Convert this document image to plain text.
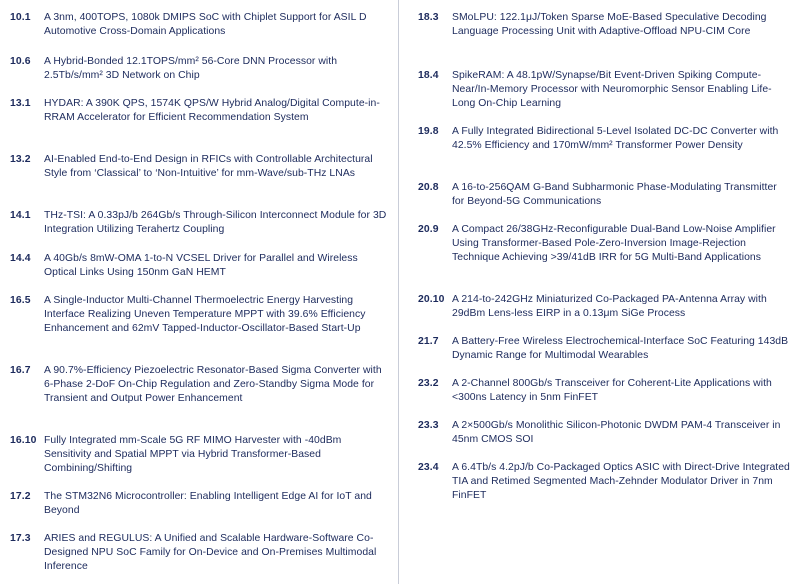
10.1	A 3nm, 400TOPS, 1080k DMIPS SoC with Chiplet Support for ASIL D Automotive Cross-Domain Applications
10.6	A Hybrid-Bonded 12.1TOPS/mm² 56-Core DNN Processor with 2.5Tb/s/mm² 3D Network on Chip
13.1	HYDAR: A 390K QPS, 1574K QPS/W Hybrid Analog/Digital Compute-in-RRAM Accelerator for Efficient Recommendation System
13.2	AI-Enabled End-to-End Design in RFICs with Controllable Architectural Style from ‘Classical’ to ‘Non-Intuitive’ for mm-Wave/sub-THz LNAs
14.1	THz-TSI: A 0.33pJ/b 264Gb/s Through-Silicon Interconnect Module for 3D Integration Utilizing Terahertz Coupling
14.4	A 40Gb/s 8mW-OMA 1-to-N VCSEL Driver for Parallel and Wireless Optical Links Using 150nm GaN HEMT
16.5	A Single-Inductor Multi-Channel Thermoelectric Energy Harvesting Interface Realizing Uneven Temperature MPPT with 39.6% Efficiency Enhancement and 62mV Tapped-Inductor-Oscillator-Based Start-Up
16.7	A 90.7%-Efficiency Piezoelectric Resonator-Based Sigma Converter with 6-Phase 2-DoF On-Chip Regulation and Zero-Standby Sigma Mode for Transient and Output Power Enhancement
16.10 Fully Integrated mm-Scale 5G RF MIMO Harvester with -40dBm Sensitivity and Spatial MPPT via Hybrid Transformer-Based Combining/Shifting
17.2	The STM32N6 Microcontroller: Enabling Intelligent Edge AI for IoT and Beyond
17.3	ARIES and REGULUS: A Unified and Scalable Hardware-Software Co-Designed NPU SoC Family for On-Device and On-Premises Multimodal Inference
18.3	SMoLPU: 122.1μJ/Token Sparse MoE-Based Speculative Decoding Language Processing Unit with Adaptive-Offload NPU-CIM Core
18.4	SpikeRAM: A 48.1pW/Synapse/Bit Event-Driven Spiking Compute-Near/In-Memory Processor with Neuromorphic Sensor Enabling Life-Long On-Chip Learning
19.8	A Fully Integrated Bidirectional 5-Level Isolated DC-DC Converter with 42.5% Efficiency and 170mW/mm² Transformer Power Density
20.8	A 16-to-256QAM G-Band Subharmonic Phase-Modulating Transmitter for Beyond-5G Communications
20.9	A Compact 26/38GHz-Reconfigurable Dual-Band Low-Noise Amplifier Using Transformer-Based Pole-Zero-Inversion Image-Rejection Technique Achieving >39/41dB IRR for 5G Multi-Band Applications
20.10 A 214-to-242GHz Miniaturized Co-Packaged PA-Antenna Array with 29dBm Lens-less EIRP in a 0.13μm SiGe Process
21.7	A Battery-Free Wireless Electrochemical-Interface SoC Featuring 143dB Dynamic Range for Multimodal Wearables
23.2	A 2-Channel 800Gb/s Transceiver for Coherent-Lite Applications with <300ns Latency in 5nm FinFET
23.3	A 2×500Gb/s Monolithic Silicon-Photonic DWDM PAM-4 Transceiver in 45nm CMOS SOI
23.4	A 6.4Tb/s 4.2pJ/b Co-Packaged Optics ASIC with Direct-Drive Integrated TIA and Retimed Segmented Mach-Zehnder Modulator Driver in 7nm FinFET
